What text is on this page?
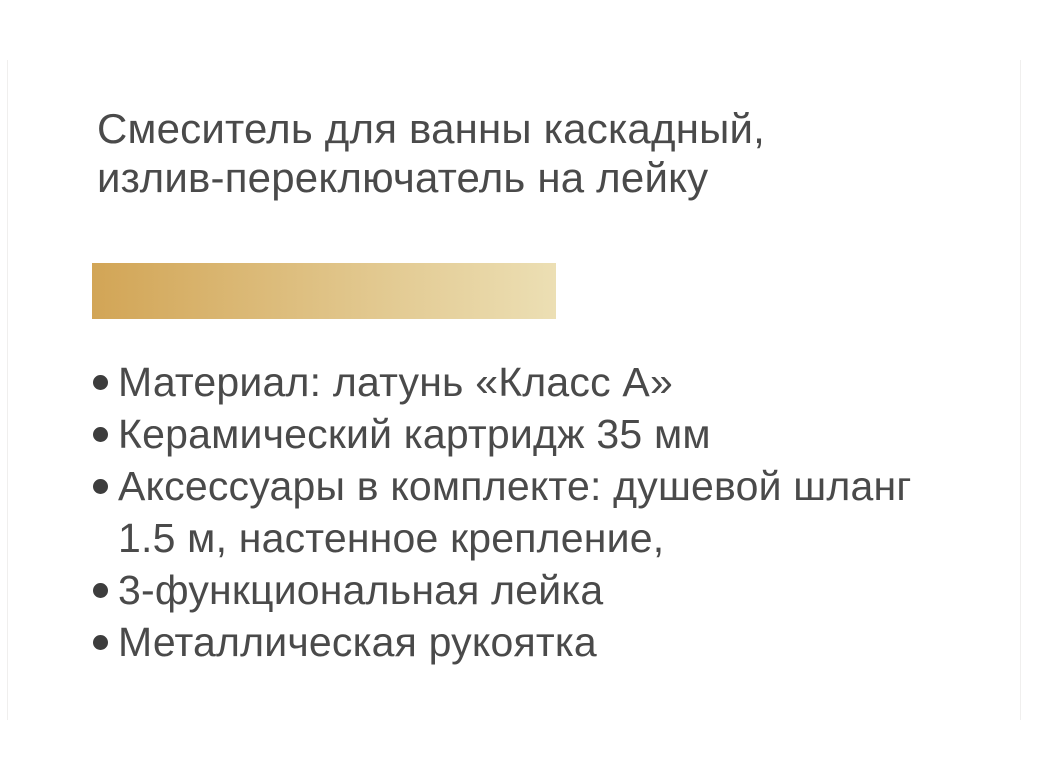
Смеситель для ванны каскадный,
излив-переключатель на лейку
Материал: латунь «Класс А»
Керамический картридж 35 мм
Аксессуары в комплекте: душевой шланг
1.5 м, настенное крепление,
3-функциональная лейка
Металлическая рукоятка
